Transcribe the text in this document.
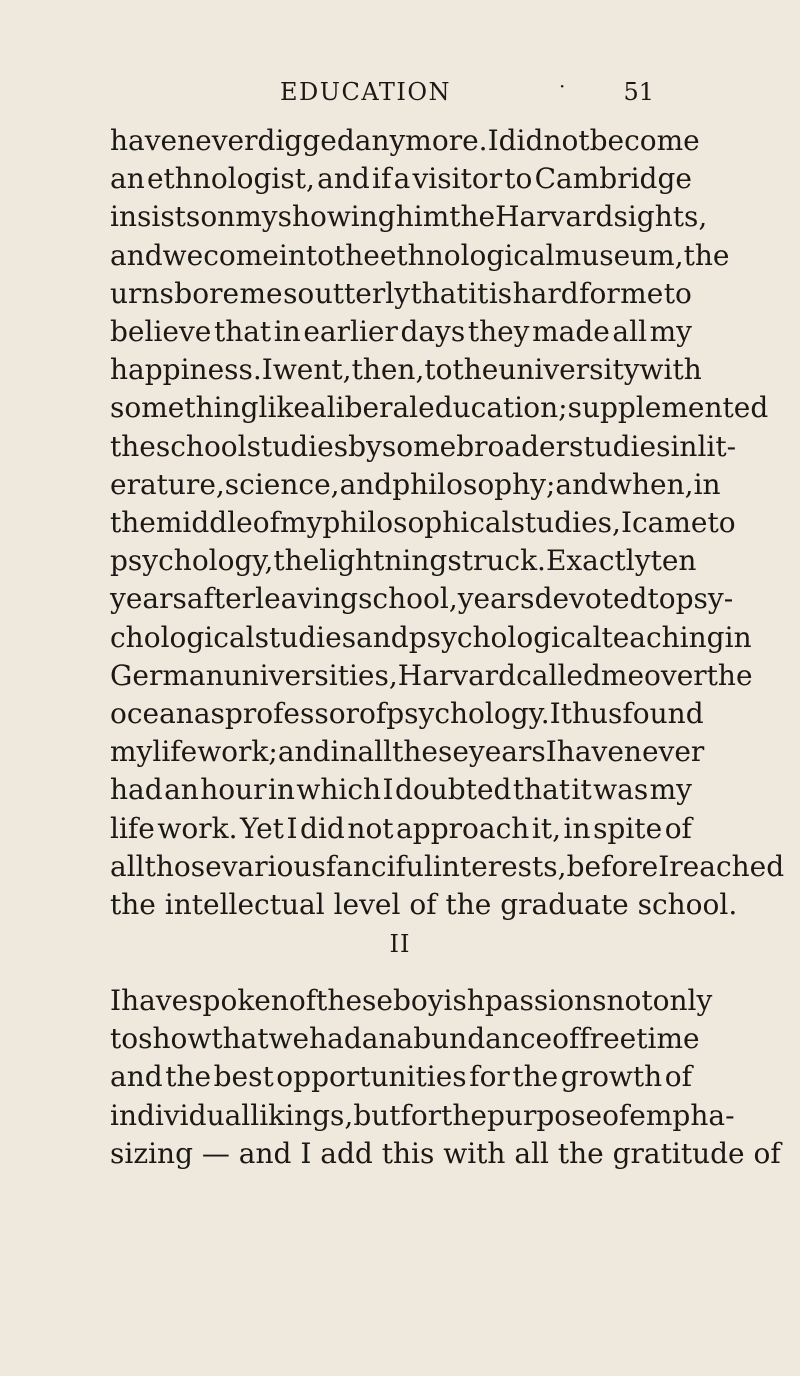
EDUCATION	· 51
have never digged any more. I did not become
an ethnologist, and if a visitor to Cambridge
insists on my showing him the Harvard sights,
and we come into the ethnological museum, the
urns bore me so utterly that it is hard for me to
believe that in earlier days they made all my
happiness. I went, then, to the university with
something like a liberal education; supplemented
the school studies by some broader studies in lit-
erature, science, and philosophy; and when, in
the middle of my philosophical studies, I came to
psychology, the lightning struck. Exactly ten
years after leaving school, years devoted to psy-
chological studies and psychological teaching in
German universities, Harvard called me over the
ocean as professor of psychology. I thus found
my life work; and in all these years I have never
had an hour in which I doubted that it was my
life work. Yet I did not approach it, in spite of
all those various fanciful interests, before I reached
the intellectual level of the graduate school.
II
I have spoken of these boyish passions not only
to show that we had an abundance of free time
and the best opportunities for the growth of
individual likings, but for the purpose of empha-
sizing — and I add this with all the gratitude of
